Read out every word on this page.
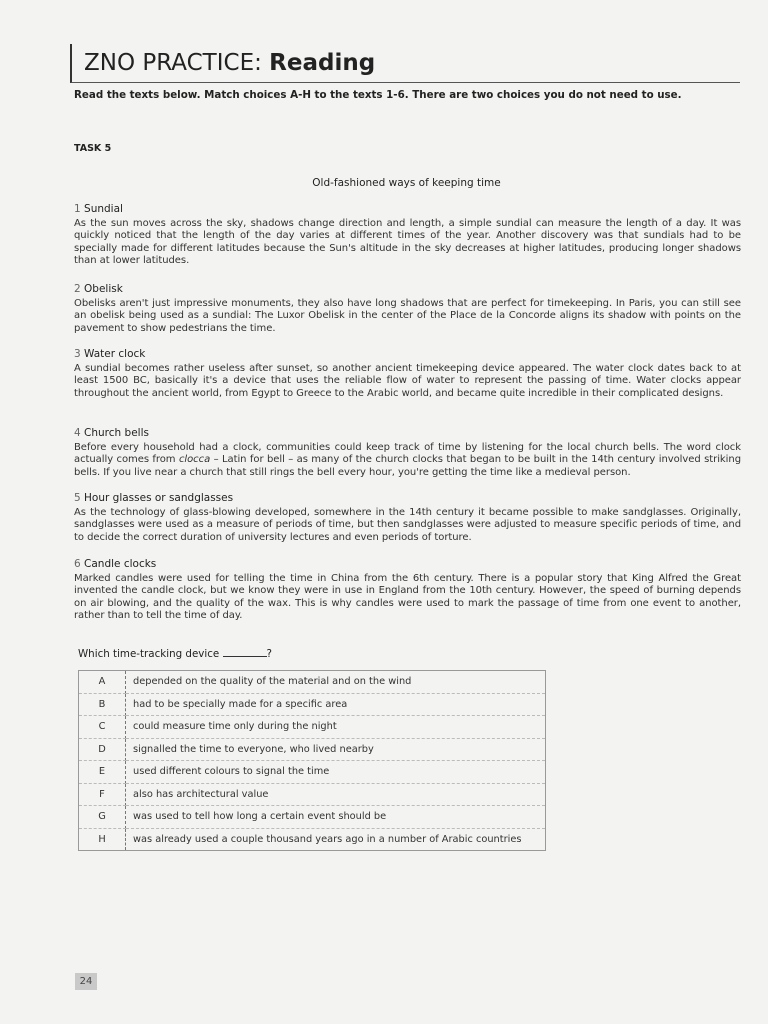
ZNO PRACTICE: Reading
Read the texts below. Match choices A-H to the texts 1-6. There are two choices you do not need to use.
TASK 5
Old-fashioned ways of keeping time
1 Sundial
As the sun moves across the sky, shadows change direction and length, a simple sundial can measure the length of a day. It was quickly noticed that the length of the day varies at different times of the year. Another discovery was that sundials had to be specially made for different latitudes because the Sun's altitude in the sky decreases at higher latitudes, producing longer shadows than at lower latitudes.
2 Obelisk
Obelisks aren't just impressive monuments, they also have long shadows that are perfect for timekeeping. In Paris, you can still see an obelisk being used as a sundial: The Luxor Obelisk in the center of the Place de la Concorde aligns its shadow with points on the pavement to show pedestrians the time.
3 Water clock
A sundial becomes rather useless after sunset, so another ancient timekeeping device appeared. The water clock dates back to at least 1500 BC, basically it's a device that uses the reliable flow of water to represent the passing of time. Water clocks appear throughout the ancient world, from Egypt to Greece to the Arabic world, and became quite incredible in their complicated designs.
4 Church bells
Before every household had a clock, communities could keep track of time by listening for the local church bells. The word clock actually comes from clocca – Latin for bell – as many of the church clocks that began to be built in the 14th century involved striking bells. If you live near a church that still rings the bell every hour, you're getting the time like a medieval person.
5 Hour glasses or sandglasses
As the technology of glass-blowing developed, somewhere in the 14th century it became possible to make sandglasses. Originally, sandglasses were used as a measure of periods of time, but then sandglasses were adjusted to measure specific periods of time, and to decide the correct duration of university lectures and even periods of torture.
6 Candle clocks
Marked candles were used for telling the time in China from the 6th century. There is a popular story that King Alfred the Great invented the candle clock, but we know they were in use in England from the 10th century. However, the speed of burning depends on air blowing, and the quality of the wax. This is why candles were used to mark the passage of time from one event to another, rather than to tell the time of day.
Which time-tracking device	?
A	depended on the quality of the material and on the wind
B	had to be specially made for a specific area
C	could measure time only during the night
D	signalled the time to everyone, who lived nearby
E	used different colours to signal the time
F	also has architectural value
G	was used to tell how long a certain event should be
H	was already used a couple thousand years ago in a number of Arabic countries
24
